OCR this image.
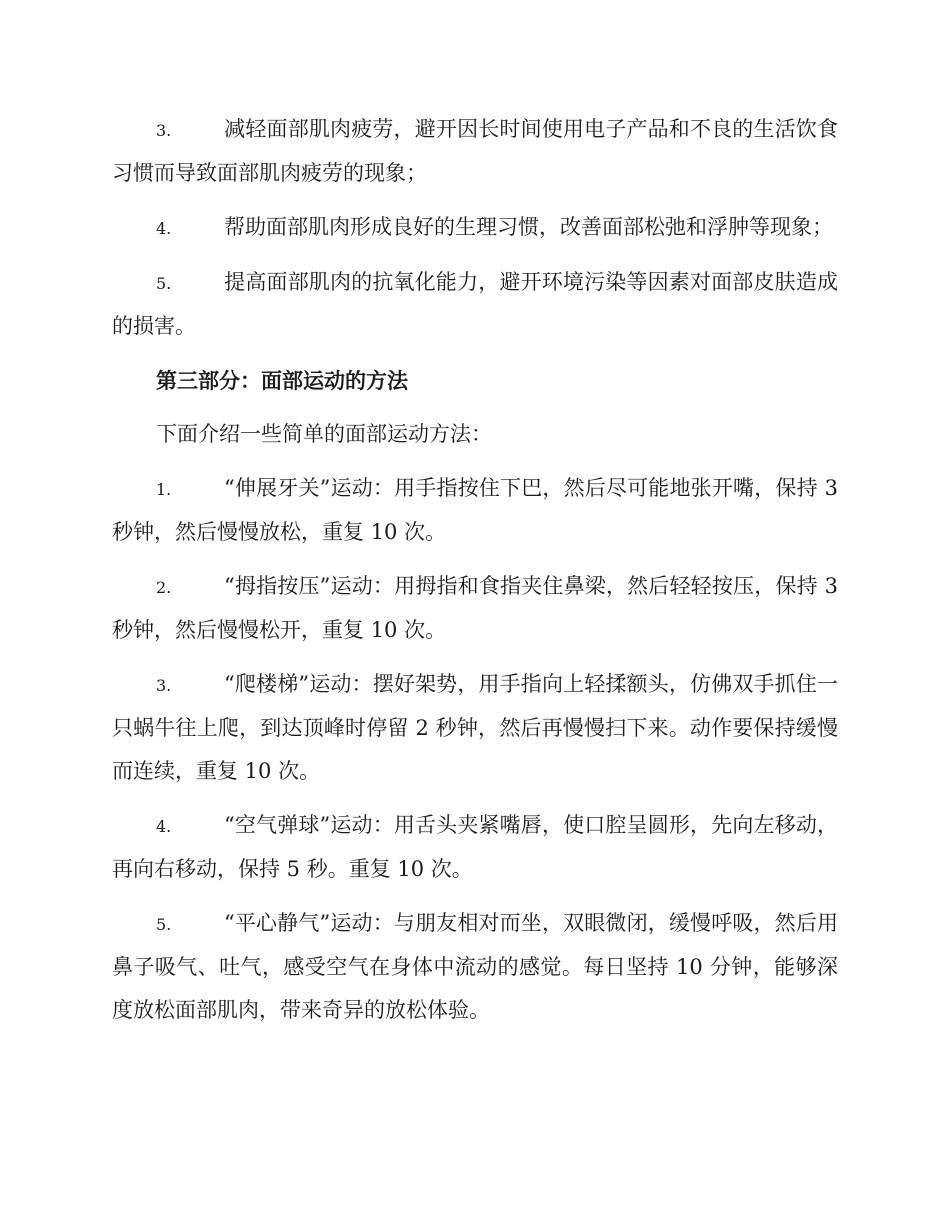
3.	减轻面部肌肉疲劳，避开因长时间使用电子产品和不良的生活饮食习惯而导致面部肌肉疲劳的现象；

4.	帮助面部肌肉形成良好的生理习惯，改善面部松弛和浮肿等现象；

5.	提高面部肌肉的抗氧化能力，避开环境污染等因素对面部皮肤造成的损害。

第三部分：面部运动的方法

下面介绍一些简单的面部运动方法：

1.	“伸展牙关”运动：用手指按住下巴，然后尽可能地张开嘴，保持 3 秒钟，然后慢慢放松，重复 10 次。

2.	“拇指按压”运动：用拇指和食指夹住鼻梁，然后轻轻按压，保持 3 秒钟，然后慢慢松开，重复 10 次。

3.	“爬楼梯”运动：摆好架势，用手指向上轻揉额头，仿佛双手抓住一只蜗牛往上爬，到达顶峰时停留 2 秒钟，然后再慢慢扫下来。动作要保持缓慢而连续，重复 10 次。

4.	“空气弹球”运动：用舌头夹紧嘴唇，使口腔呈圆形，先向左移动，再向右移动，保持 5 秒。重复 10 次。

5.	“平心静气”运动：与朋友相对而坐，双眼微闭，缓慢呼吸，然后用鼻子吸气、吐气，感受空气在身体中流动的感觉。每日坚持 10 分钟，能够深度放松面部肌肉，带来奇异的放松体验。
